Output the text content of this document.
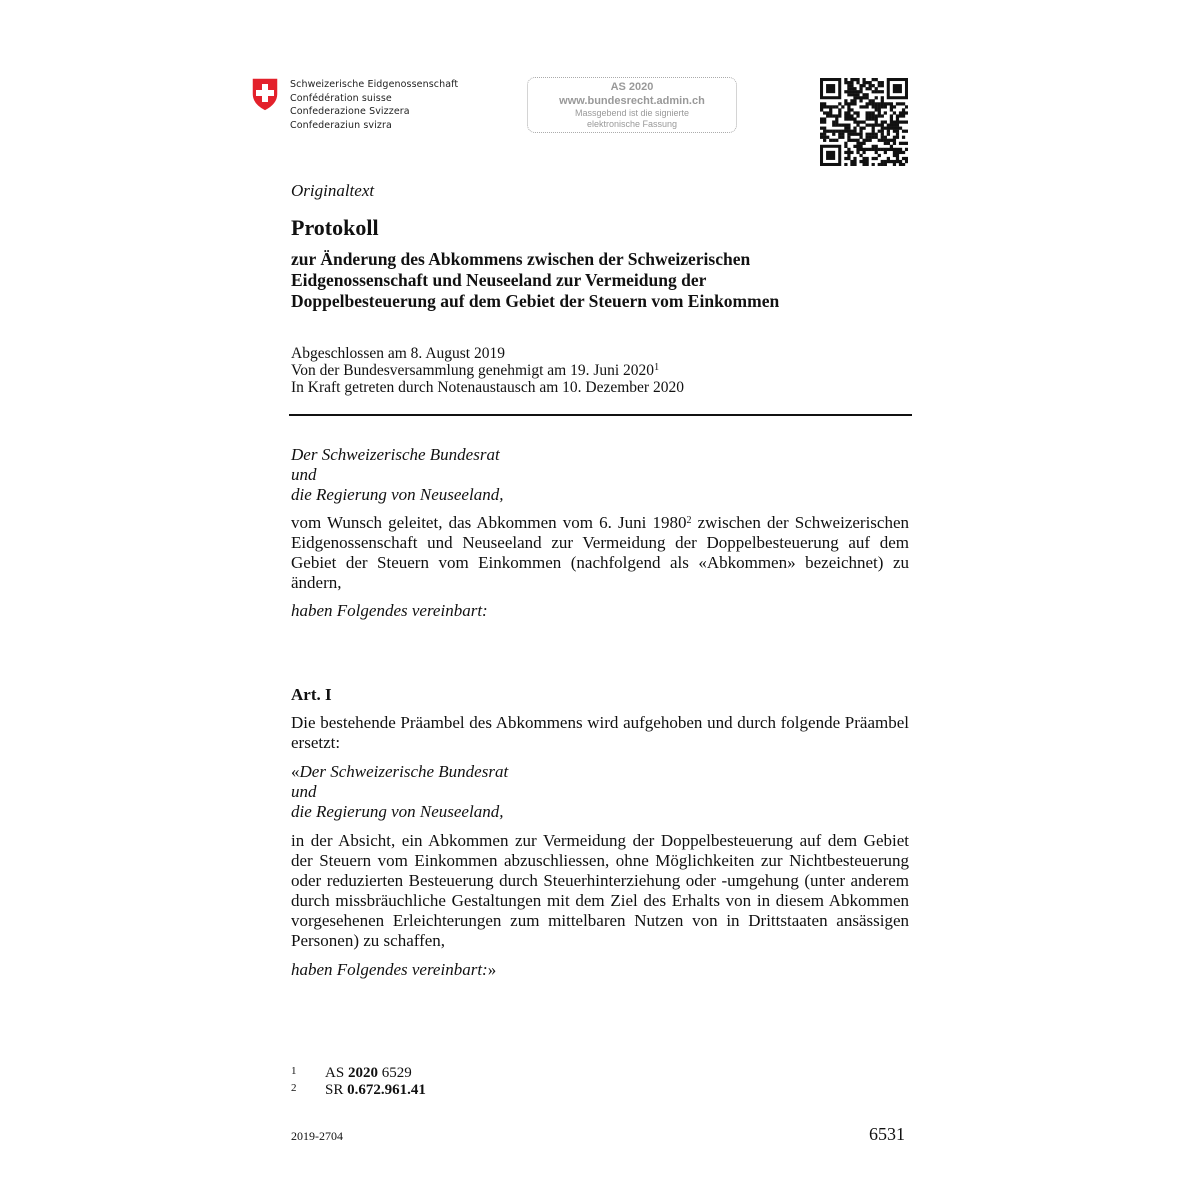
Schweizerische Eidgenossenschaft
Confédération suisse
Confederazione Svizzera
Confederaziun svizra
AS 2020
www.bundesrecht.admin.ch
Massgebend ist die signierte
elektronische Fassung
Originaltext
Protokoll
zur Änderung des Abkommens zwischen der Schweizerischen
Eidgenossenschaft und Neuseeland zur Vermeidung der
Doppelbesteuerung auf dem Gebiet der Steuern vom Einkommen
Abgeschlossen am 8. August 2019
Von der Bundesversammlung genehmigt am 19. Juni 2020$^1$
In Kraft getreten durch Notenaustausch am 10. Dezember 2020
Der Schweizerische Bundesrat
und
die Regierung von Neuseeland,
vom Wunsch geleitet, das Abkommen vom 6. Juni 1980$^2$ zwischen der Schweizerischen Eidgenossenschaft und Neuseeland zur Vermeidung der Doppelbesteuerung auf dem Gebiet der Steuern vom Einkommen (nachfolgend als «Abkommen» bezeichnet) zu ändern,
haben Folgendes vereinbart:
Art. I
Die bestehende Präambel des Abkommens wird aufgehoben und durch folgende Präambel ersetzt:
«Der Schweizerische Bundesrat
und
die Regierung von Neuseeland,
in der Absicht, ein Abkommen zur Vermeidung der Doppelbesteuerung auf dem Gebiet der Steuern vom Einkommen abzuschliessen, ohne Möglichkeiten zur Nichtbesteuerung oder reduzierten Besteuerung durch Steuerhinterziehung oder -umgehung (unter anderem durch missbräuchliche Gestaltungen mit dem Ziel des Erhalts von in diesem Abkommen vorgesehenen Erleichterungen zum mittelbaren Nutzen von in Drittstaaten ansässigen Personen) zu schaffen,
haben Folgendes vereinbart:»
1 AS 2020 6529
2 SR 0.672.961.41
2019-2704	6531
